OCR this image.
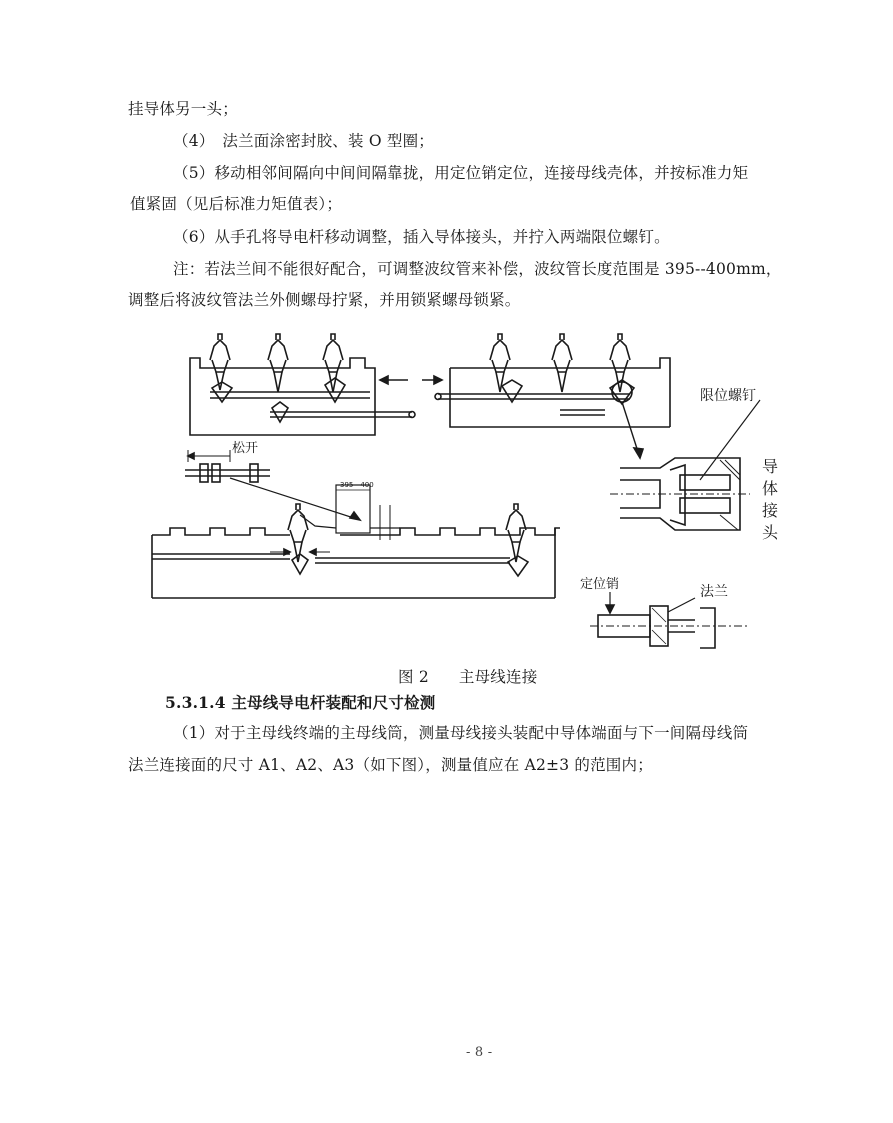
挂导体另一头；
（4）　法兰面涂密封胶、装 O 型圈；
（5）移动相邻间隔向中间间隔靠拢，用定位销定位，连接母线壳体，并按标准力矩
值紧固（见后标准力矩值表）；
（6）从手孔将导电杆移动调整，插入导体接头，并拧入两端限位螺钉。
注：若法兰间不能很好配合，可调整波纹管来补偿，波纹管长度范围是 395--400mm，
调整后将波纹管法兰外侧螺母拧紧，并用锁紧螺母锁紧。
限位螺钉
导
体
接
头
松开
395 - 400
定位销	法兰
图 2 主母线连接
5.3.1.4 主母线导电杆装配和尺寸检测
（1）对于主母线终端的主母线筒，测量母线接头装配中导体端面与下一间隔母线筒
法兰连接面的尺寸 A1、A2、A3（如下图），测量值应在 A2±3 的范围内；
- 8 -
